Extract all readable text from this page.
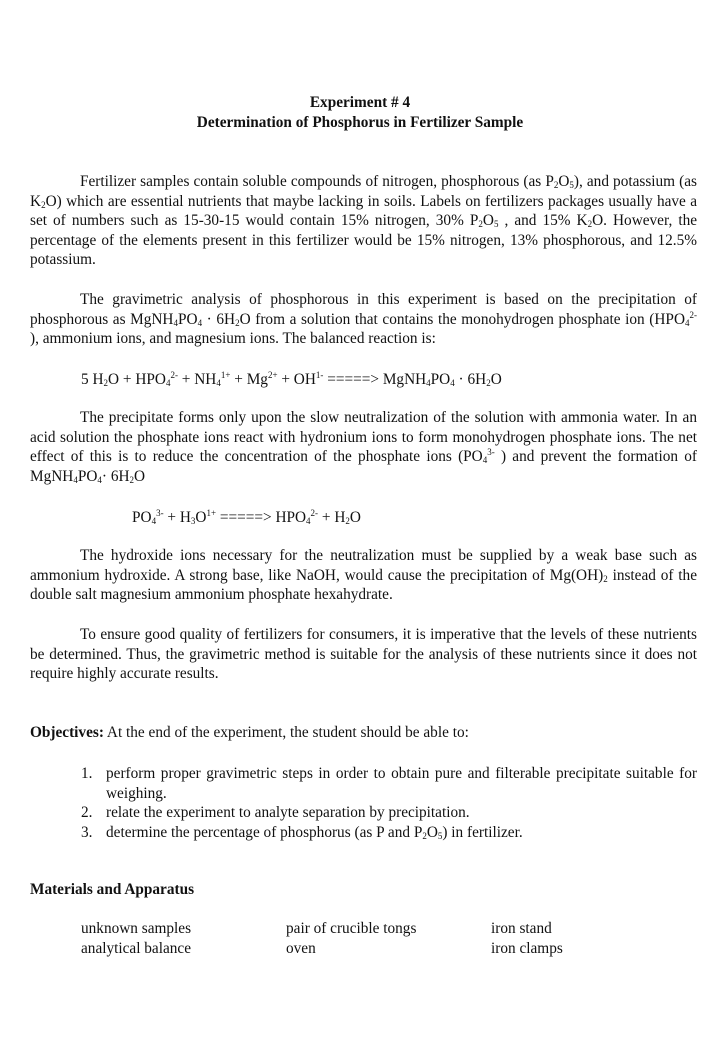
Experiment # 4
Determination of Phosphorus in Fertilizer Sample

Fertilizer samples contain soluble compounds of nitrogen, phosphorous (as $P_2O_5$), and potassium (as $K_2O$) which are essential nutrients that maybe lacking in soils. Labels on fertilizers packages usually have a set of numbers such as 15-30-15 would contain 15% nitrogen, 30% $P_2O_5$ , and 15% $K_2O$. However, the percentage of the elements present in this fertilizer would be 15% nitrogen, 13% phosphorous, and 12.5% potassium.

The gravimetric analysis of phosphorous in this experiment is based on the precipitation of phosphorous as $MgNH_4PO_4 \cdot 6H_2O$ from a solution that contains the monohydrogen phosphate ion ($HPO_4^{2-}$ ), ammonium ions, and magnesium ions. The balanced reaction is:

5 $H_2O + HPO_4^{2-} + NH_4^{1+} + Mg^{2+} + OH^{1-}$ =====> $MgNH_4PO_4 \cdot 6H_2O$

The precipitate forms only upon the slow neutralization of the solution with ammonia water. In an acid solution the phosphate ions react with hydronium ions to form monohydrogen phosphate ions. The net effect of this is to reduce the concentration of the phosphate ions ($PO_4^{3-}$ ) and prevent the formation of $MgNH_4PO_4\cdot 6H_2O$

$PO_4^{3-} + H_3O^{1+}$ =====> $HPO_4^{2-} + H_2O$

The hydroxide ions necessary for the neutralization must be supplied by a weak base such as ammonium hydroxide. A strong base, like NaOH, would cause the precipitation of $Mg(OH)_2$ instead of the double salt magnesium ammonium phosphate hexahydrate.

To ensure good quality of fertilizers for consumers, it is imperative that the levels of these nutrients be determined. Thus, the gravimetric method is suitable for the analysis of these nutrients since it does not require highly accurate results.

Objectives: At the end of the experiment, the student should be able to:
1. perform proper gravimetric steps in order to obtain pure and filterable precipitate suitable for weighing.
2. relate the experiment to analyte separation by precipitation.
3. determine the percentage of phosphorus (as P and $P_2O_5$) in fertilizer.
Materials and Apparatus
unknown samples
analytical balance
pair of crucible tongs
oven
iron stand
iron clamps
